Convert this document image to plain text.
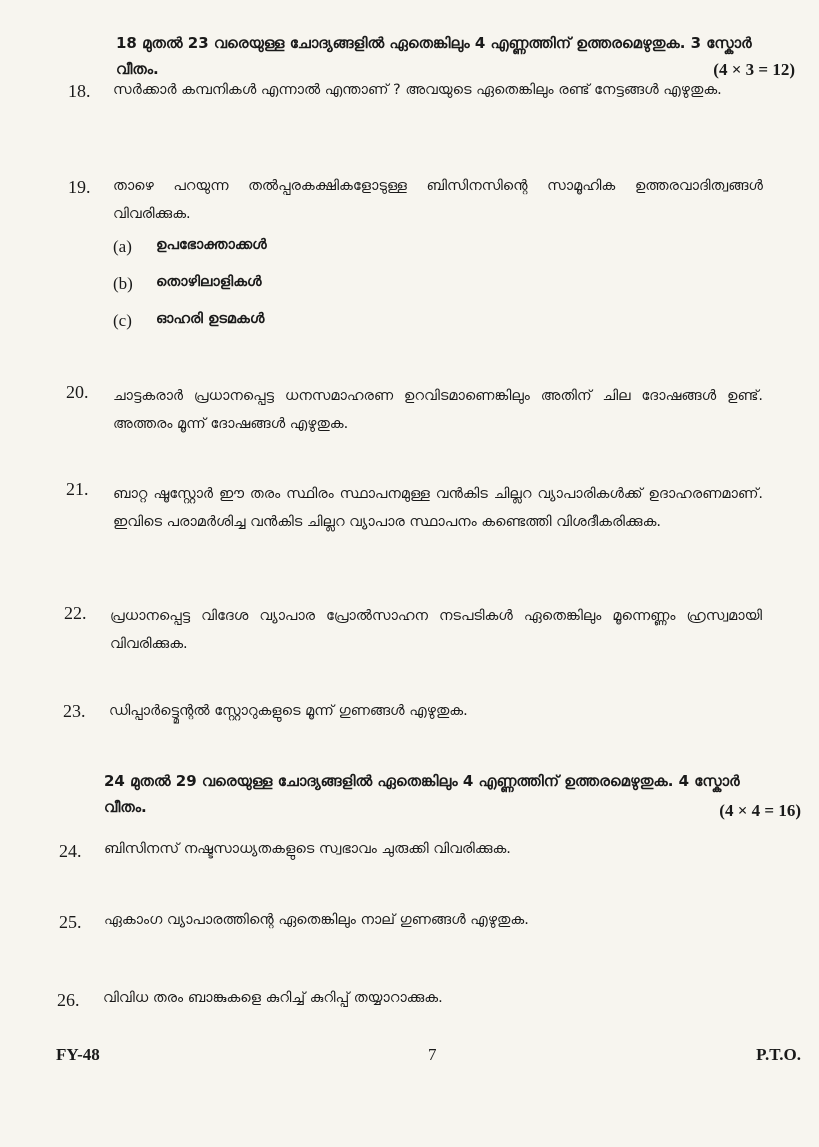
18 മുതൽ 23 വരെയുള്ള ചോദ്യങ്ങളിൽ ഏതെങ്കിലും 4 എണ്ണത്തിന് ഉത്തരമെഴുതുക. 3 സ്കോർ വീതം.	(4 × 3 = 12)
18. സർക്കാർ കമ്പനികൾ എന്നാൽ എന്താണ് ? അവയുടെ ഏതെങ്കിലും രണ്ട് നേട്ടങ്ങൾ എഴുതുക.
19. താഴെ പറയുന്ന തൽപ്പരകക്ഷികളോടുള്ള ബിസിനസിന്റെ സാമൂഹിക ഉത്തരവാദിത്വങ്ങൾ വിവരിക്കുക.
(a) ഉപഭോക്താക്കൾ
(b) തൊഴിലാളികൾ
(c) ഓഹരി ഉടമകൾ
20. ചാട്ടകരാർ പ്രധാനപ്പെട്ട ധനസമാഹരണ ഉറവിടമാണെങ്കിലും അതിന് ചില ദോഷങ്ങൾ ഉണ്ട്. അത്തരം മൂന്ന് ദോഷങ്ങൾ എഴുതുക.
21. ബാറ്റ ഷൂസ്റ്റോർ ഈ തരം സ്ഥിരം സ്ഥാപനമുള്ള വൻകിട ചില്ലറ വ്യാപാരികൾക്ക് ഉദാഹരണമാണ്. ഇവിടെ പരാമർശിച്ച വൻകിട ചില്ലറ വ്യാപാര സ്ഥാപനം കണ്ടെത്തി വിശദീകരിക്കുക.
22. പ്രധാനപ്പെട്ട വിദേശ വ്യാപാര പ്രോൽസാഹന നടപടികൾ ഏതെങ്കിലും മൂന്നെണ്ണം ഹ്രസ്വമായി വിവരിക്കുക.
23. ഡിപ്പാർട്ട്മെന്റൽ സ്റ്റോറുകളുടെ മൂന്ന് ഗുണങ്ങൾ എഴുതുക.
24 മുതൽ 29 വരെയുള്ള ചോദ്യങ്ങളിൽ ഏതെങ്കിലും 4 എണ്ണത്തിന് ഉത്തരമെഴുതുക. 4 സ്കോർ വീതം.	(4 × 4 = 16)
24. ബിസിനസ് നഷ്ടസാധ്യതകളുടെ സ്വഭാവം ചുരുക്കി വിവരിക്കുക.
25. ഏകാംഗ വ്യാപാരത്തിന്റെ ഏതെങ്കിലും നാല് ഗുണങ്ങൾ എഴുതുക.
26. വിവിധ തരം ബാങ്കുകളെ കുറിച്ച് കുറിപ്പ് തയ്യാറാക്കുക.
FY-48	7	P.T.O.
